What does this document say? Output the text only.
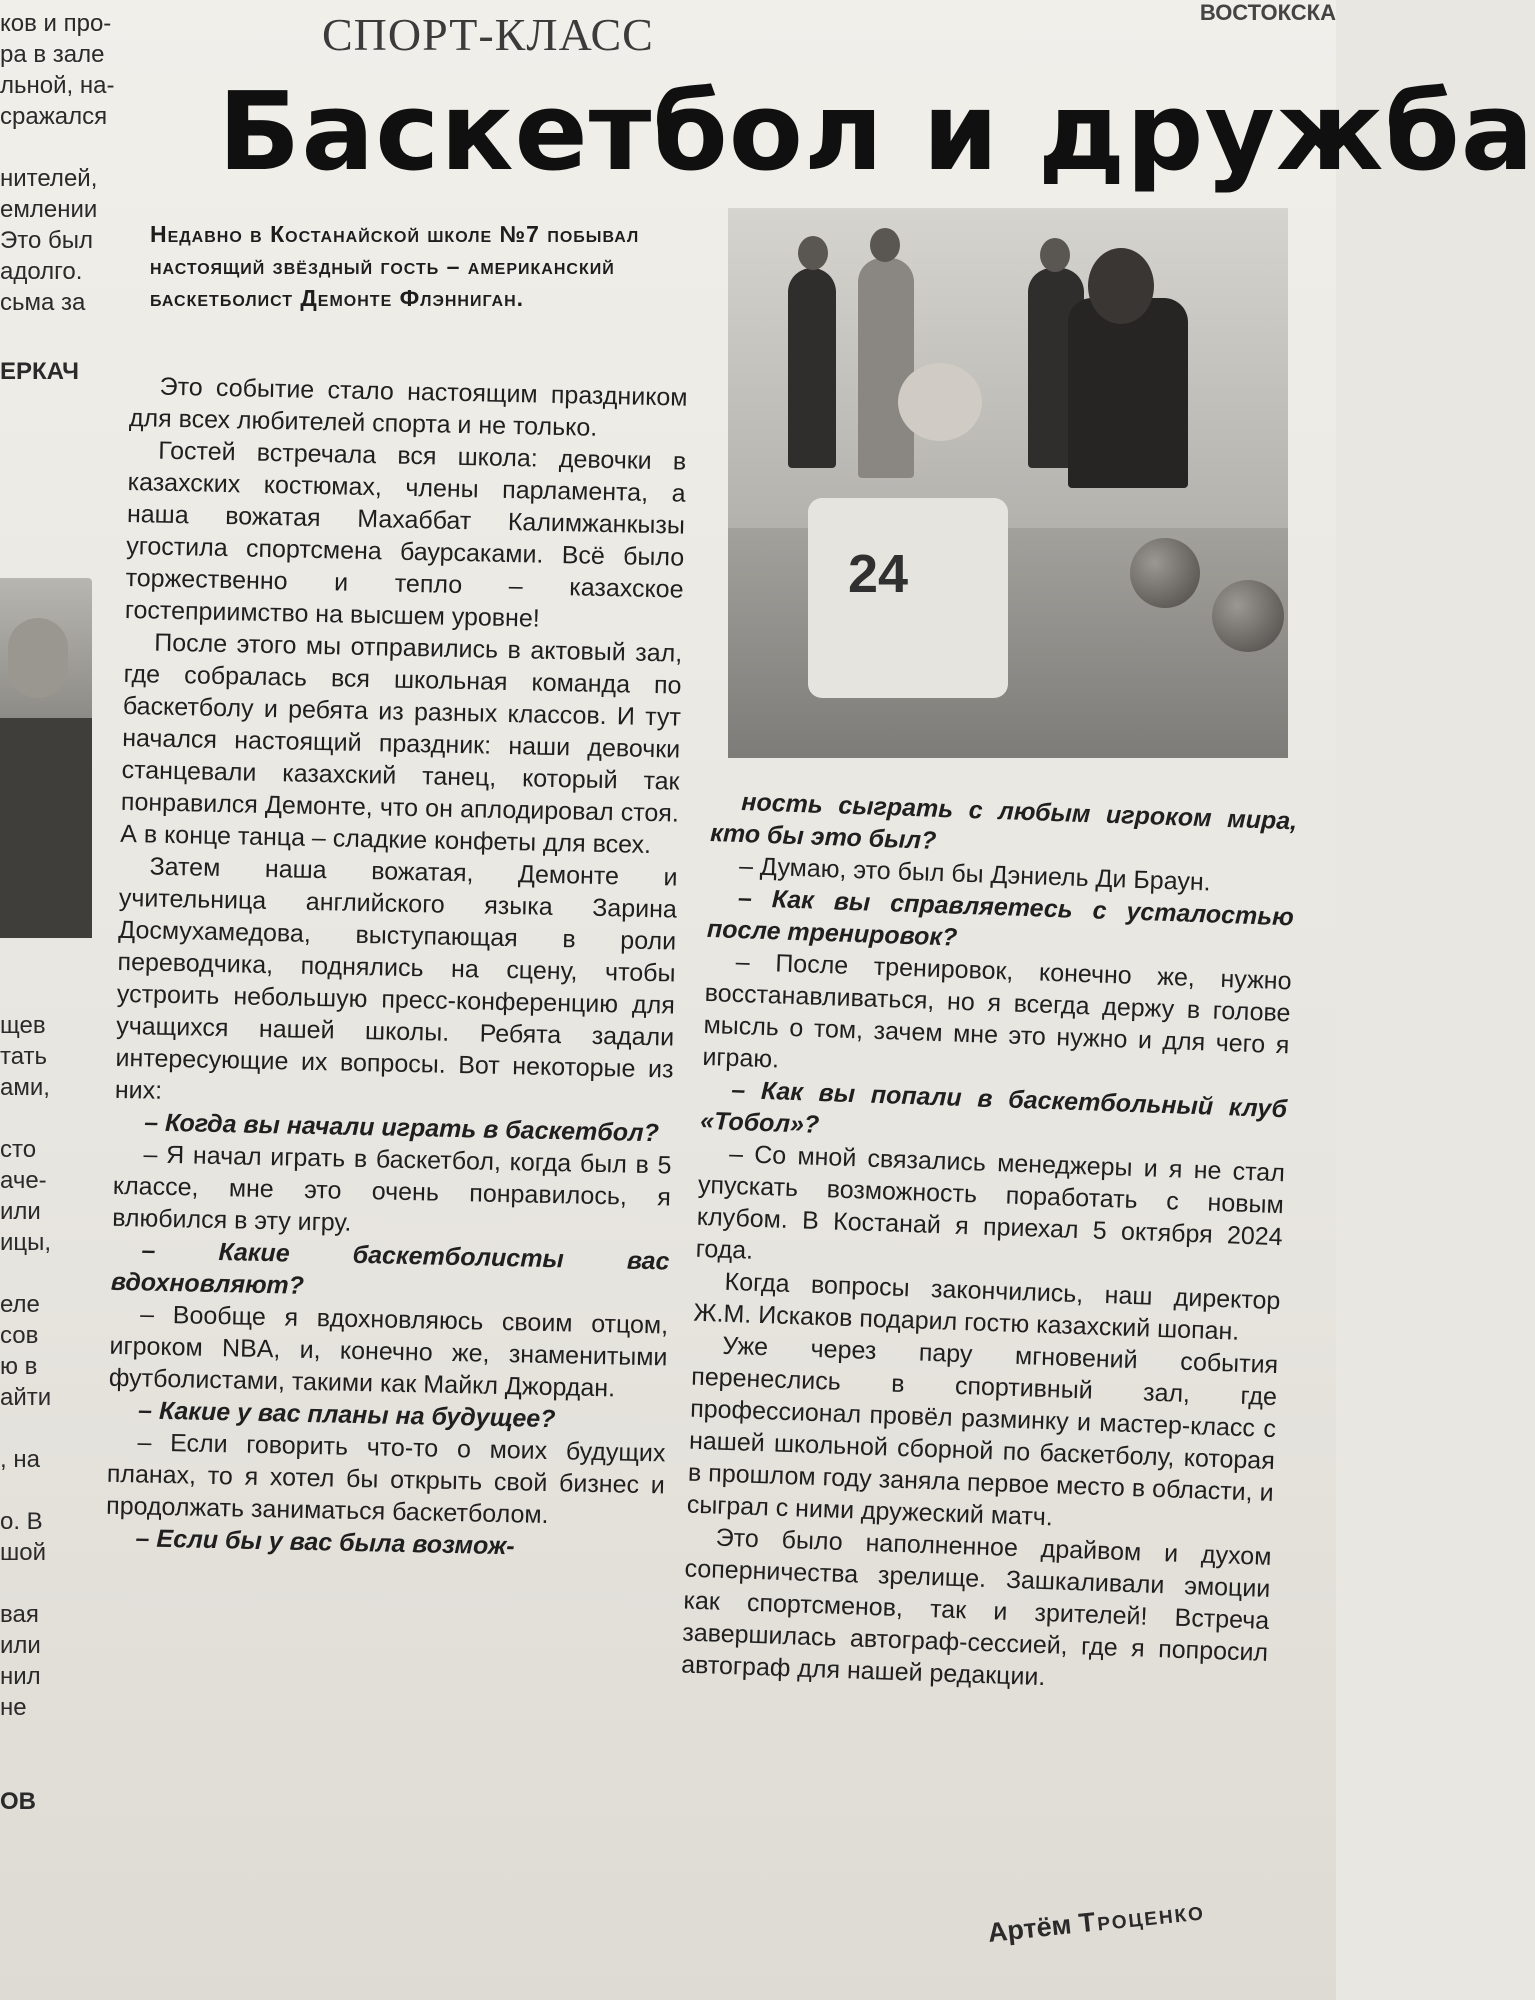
ков и про-
ра в зале
льной, на-
сражался
нителей,
емлении
Это был
адолго.
сьма за
ЕРКАЧ
щев
тать
ами,
сто
аче-
или
ицы,
еле
сов
ю в
айти
, на
о. В
шой
вая
или
нил
не
ОВ
СПОРТ-КЛАСС	ВОСТОКСКА
Баскетбол и дружба
Недавно в Костанайской школе №7 побывал настоящий звёздный гость – американский баскетболист Демонте Флэнниган.
24

Это событие стало настоящим праздником для всех любителей спорта и не только.

Гостей встречала вся школа: девочки в казахских костюмах, члены парламента, а наша вожатая Махаббат Калимжанкызы угостила спортсмена баурсаками. Всё было торжественно и тепло – казахское гостеприимство на высшем уровне!

После этого мы отправились в актовый зал, где собралась вся школьная команда по баскетболу и ребята из разных классов. И тут начался настоящий праздник: наши девочки станцевали казахский танец, который так понравился Демонте, что он аплодировал стоя. А в конце танца – сладкие конфеты для всех.

Затем наша вожатая, Демонте и учительница английского языка Зарина Досмухамедова, выступающая в роли переводчика, поднялись на сцену, чтобы устроить небольшую пресс-конференцию для учащихся нашей школы. Ребята задали интересующие их вопросы. Вот некоторые из них:

– Когда вы начали играть в баскетбол?

– Я начал играть в баскетбол, когда был в 5 классе, мне это очень понравилось, я влюбился в эту игру.

– Какие баскетболисты вас вдохновляют?

– Вообще я вдохновляюсь своим отцом, игроком NBA, и, конечно же, знаменитыми футболистами, такими как Майкл Джордан.

– Какие у вас планы на будущее?

– Если говорить что-то о моих будущих планах, то я хотел бы открыть свой бизнес и продолжать заниматься баскетболом.

– Если бы у вас была возмож-

ность сыграть с любым игроком мира, кто бы это был?

– Думаю, это был бы Дэниель Ди Браун.

– Как вы справляетесь с усталостью после тренировок?

– После тренировок, конечно же, нужно восстанавливаться, но я всегда держу в голове мысль о том, зачем мне это нужно и для чего я играю.

– Как вы попали в баскетбольный клуб «Тобол»?

– Со мной связались менеджеры и я не стал упускать возможность поработать с новым клубом. В Костанай я приехал 5 октября 2024 года.

Когда вопросы закончились, наш директор Ж.М. Искаков подарил гостю казахский шопан.

Уже через пару мгновений события перенеслись в спортивный зал, где профессионал провёл разминку и мастер-класс с нашей школьной сборной по баскетболу, которая в прошлом году заняла первое место в области, и сыграл с ними дружеский матч.

Это было наполненное драйвом и духом соперничества зрелище. Зашкаливали эмоции как спортсменов, так и зрителей! Встреча завершилась автограф-сессией, где я попросил автограф для нашей редакции.

Артём Троценко
